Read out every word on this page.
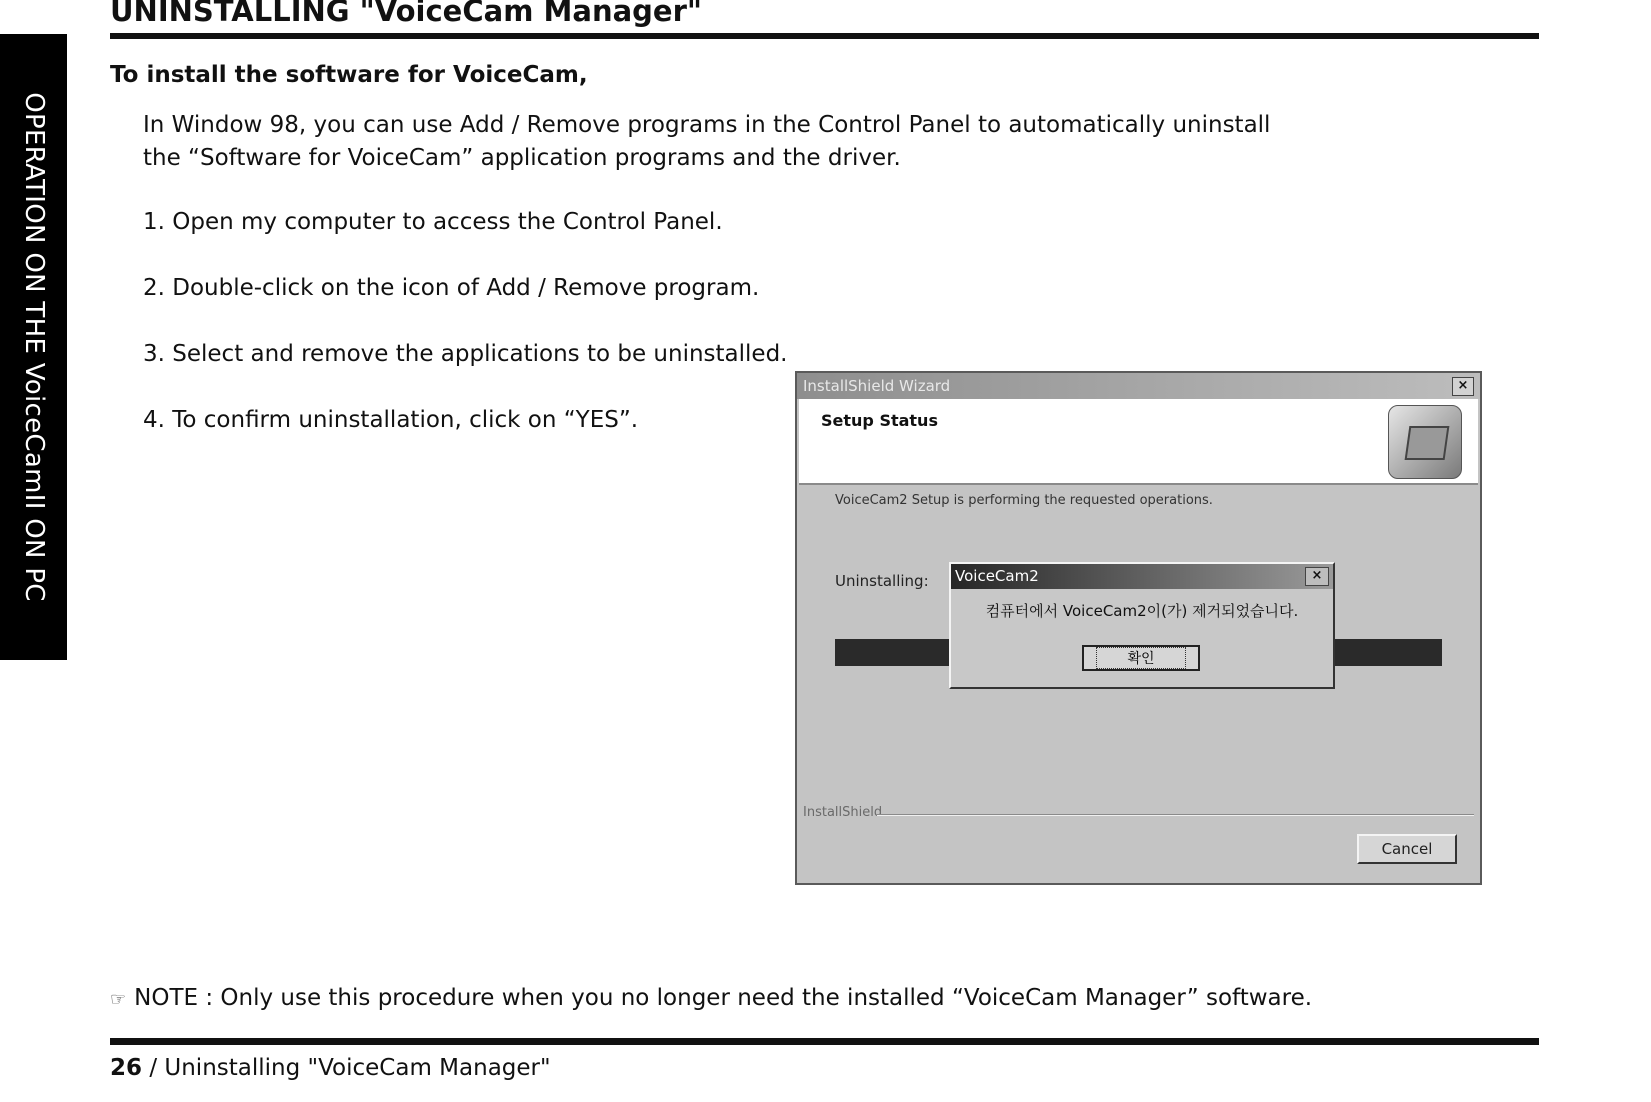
OPERATION ON THE VoiceCamII ON PC
UNINSTALLING "VoiceCam Manager"
To install the software for VoiceCam,
In Window 98, you can use Add / Remove programs in the Control Panel to automatically uninstall the “Software for VoiceCam” application programs and the driver.
1. Open my computer to access the Control Panel.
2. Double-click on the icon of Add / Remove program.
3. Select and remove the applications to be uninstalled.
4. To confirm uninstallation, click on “YES”.
InstallShield Wizard	×
Setup Status
VoiceCam2 Setup is performing the requested operations.
Uninstalling:
InstallShield
Cancel
VoiceCam2	×
컴퓨터에서 VoiceCam2이(가) 제거되었습니다.
확인
☞ NOTE : Only use this procedure when you no longer need the installed “VoiceCam Manager” software.
26 / Uninstalling "VoiceCam Manager"
